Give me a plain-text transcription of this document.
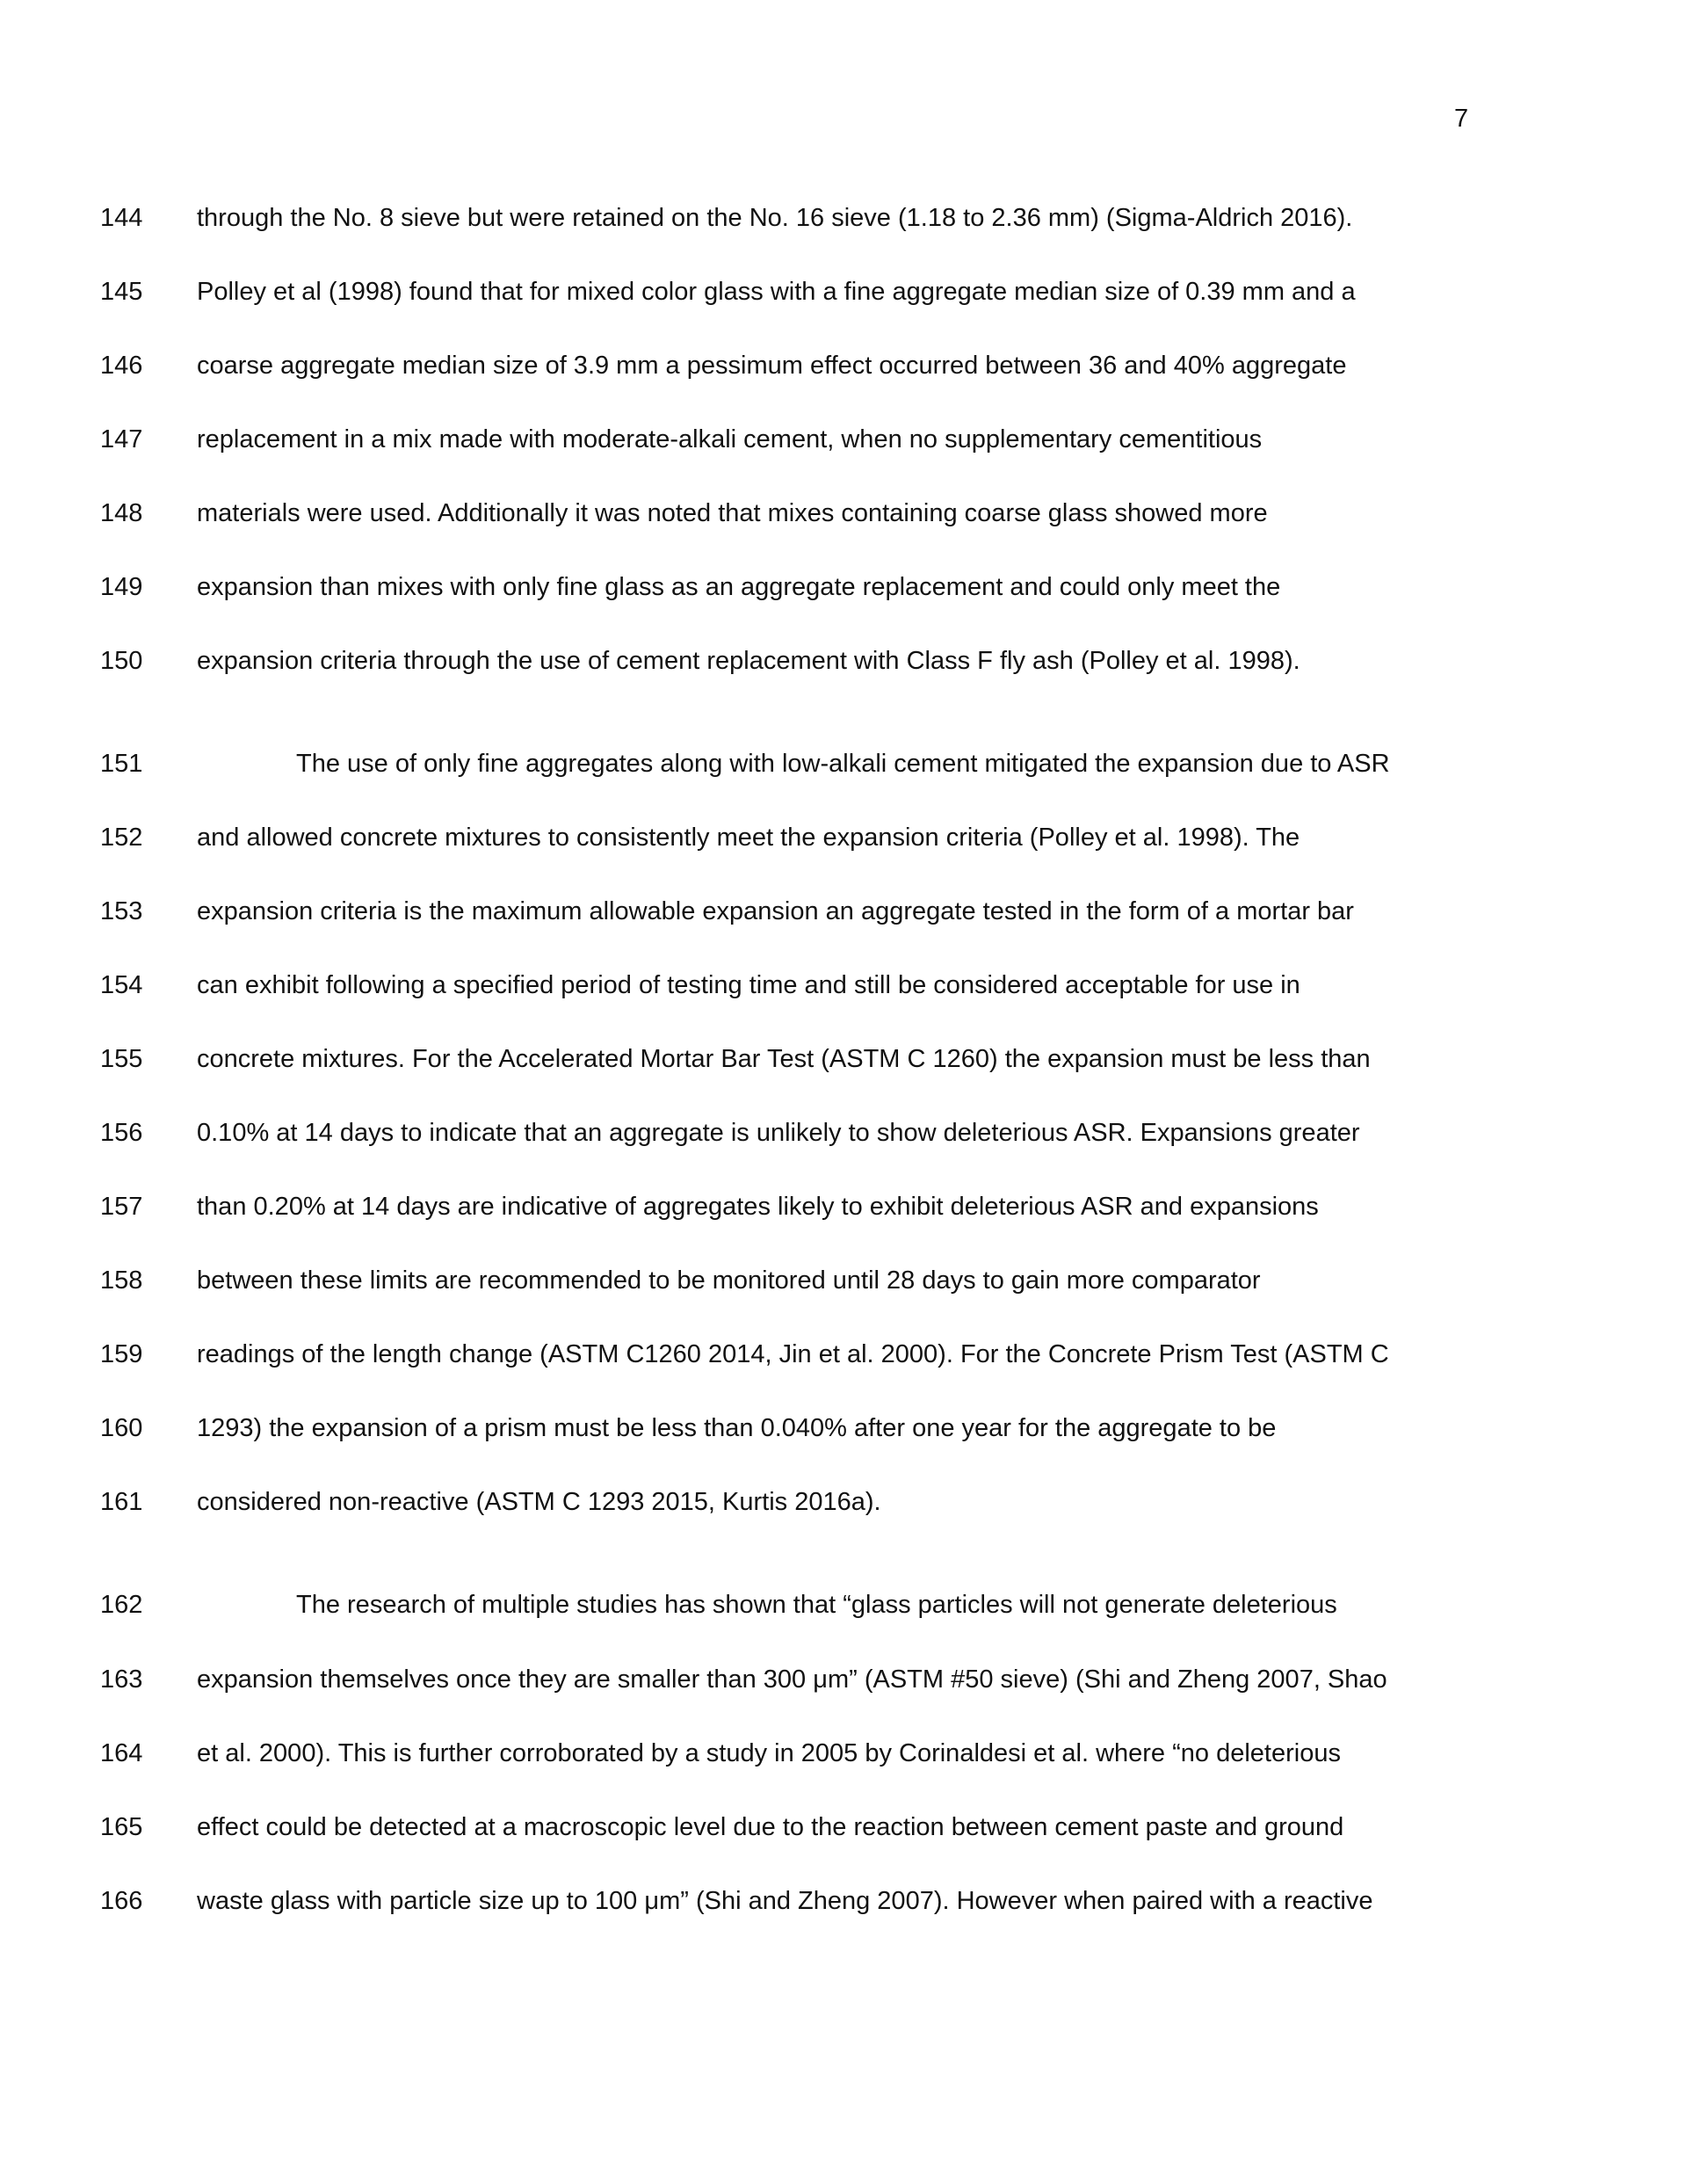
7
144	through the No. 8 sieve but were retained on the No. 16 sieve (1.18 to 2.36 mm) (Sigma-Aldrich 2016).
145	Polley et al (1998) found that for mixed color glass with a fine aggregate median size of 0.39 mm and a
146	coarse aggregate median size of 3.9 mm a pessimum effect occurred between 36 and 40% aggregate
147	replacement in a mix made with moderate-alkali cement, when no supplementary cementitious
148	materials were used. Additionally it was noted that mixes containing coarse glass showed more
149	expansion than mixes with only fine glass as an aggregate replacement and could only meet the
150	expansion criteria through the use of cement replacement with Class F fly ash (Polley et al. 1998).
151	The use of only fine aggregates along with low-alkali cement mitigated the expansion due to ASR
152	and allowed concrete mixtures to consistently meet the expansion criteria (Polley et al. 1998). The
153	expansion criteria is the maximum allowable expansion an aggregate tested in the form of a mortar bar
154	can exhibit following a specified period of testing time and still be considered acceptable for use in
155	concrete mixtures. For the Accelerated Mortar Bar Test (ASTM C 1260) the expansion must be less than
156	0.10% at 14 days to indicate that an aggregate is unlikely to show deleterious ASR. Expansions greater
157	than 0.20% at 14 days are indicative of aggregates likely to exhibit deleterious ASR and expansions
158	between these limits are recommended to be monitored until 28 days to gain more comparator
159	readings of the length change (ASTM C1260 2014, Jin et al. 2000). For the Concrete Prism Test (ASTM C
160	1293) the expansion of a prism must be less than 0.040% after one year for the aggregate to be
161	considered non-reactive (ASTM C 1293 2015, Kurtis 2016a).
162	The research of multiple studies has shown that “glass particles will not generate deleterious
163	expansion themselves once they are smaller than 300 μm” (ASTM #50 sieve) (Shi and Zheng 2007, Shao
164	et al. 2000). This is further corroborated by a study in 2005 by Corinaldesi et al. where “no deleterious
165	effect could be detected at a macroscopic level due to the reaction between cement paste and ground
166	waste glass with particle size up to 100 μm” (Shi and Zheng 2007). However when paired with a reactive
